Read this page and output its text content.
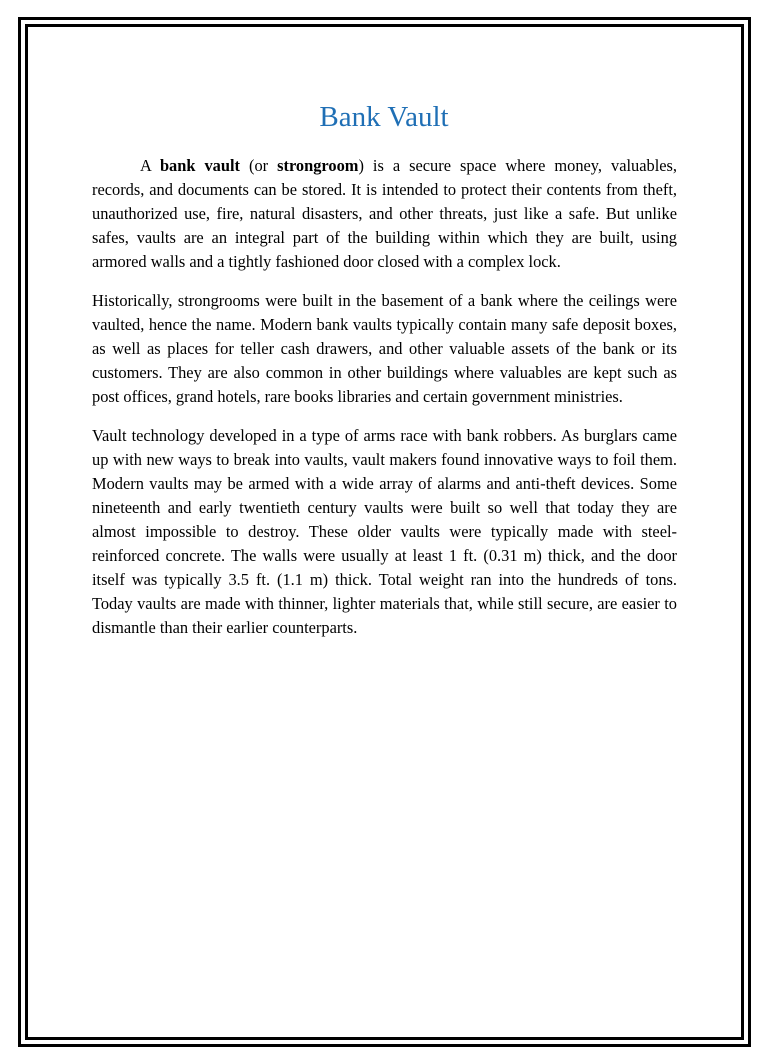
Bank Vault

A bank vault (or strongroom) is a secure space where money, valuables, records, and documents can be stored. It is intended to protect their contents from theft, unauthorized use, fire, natural disasters, and other threats, just like a safe. But unlike safes, vaults are an integral part of the building within which they are built, using armored walls and a tightly fashioned door closed with a complex lock.

Historically, strongrooms were built in the basement of a bank where the ceilings were vaulted, hence the name. Modern bank vaults typically contain many safe deposit boxes, as well as places for teller cash drawers, and other valuable assets of the bank or its customers. They are also common in other buildings where valuables are kept such as post offices, grand hotels, rare books libraries and certain government ministries.

Vault technology developed in a type of arms race with bank robbers. As burglars came up with new ways to break into vaults, vault makers found innovative ways to foil them. Modern vaults may be armed with a wide array of alarms and anti-theft devices. Some nineteenth and early twentieth century vaults were built so well that today they are almost impossible to destroy. These older vaults were typically made with steel-reinforced concrete. The walls were usually at least 1 ft. (0.31 m) thick, and the door itself was typically 3.5 ft. (1.1 m) thick. Total weight ran into the hundreds of tons. Today vaults are made with thinner, lighter materials that, while still secure, are easier to dismantle than their earlier counterparts.
